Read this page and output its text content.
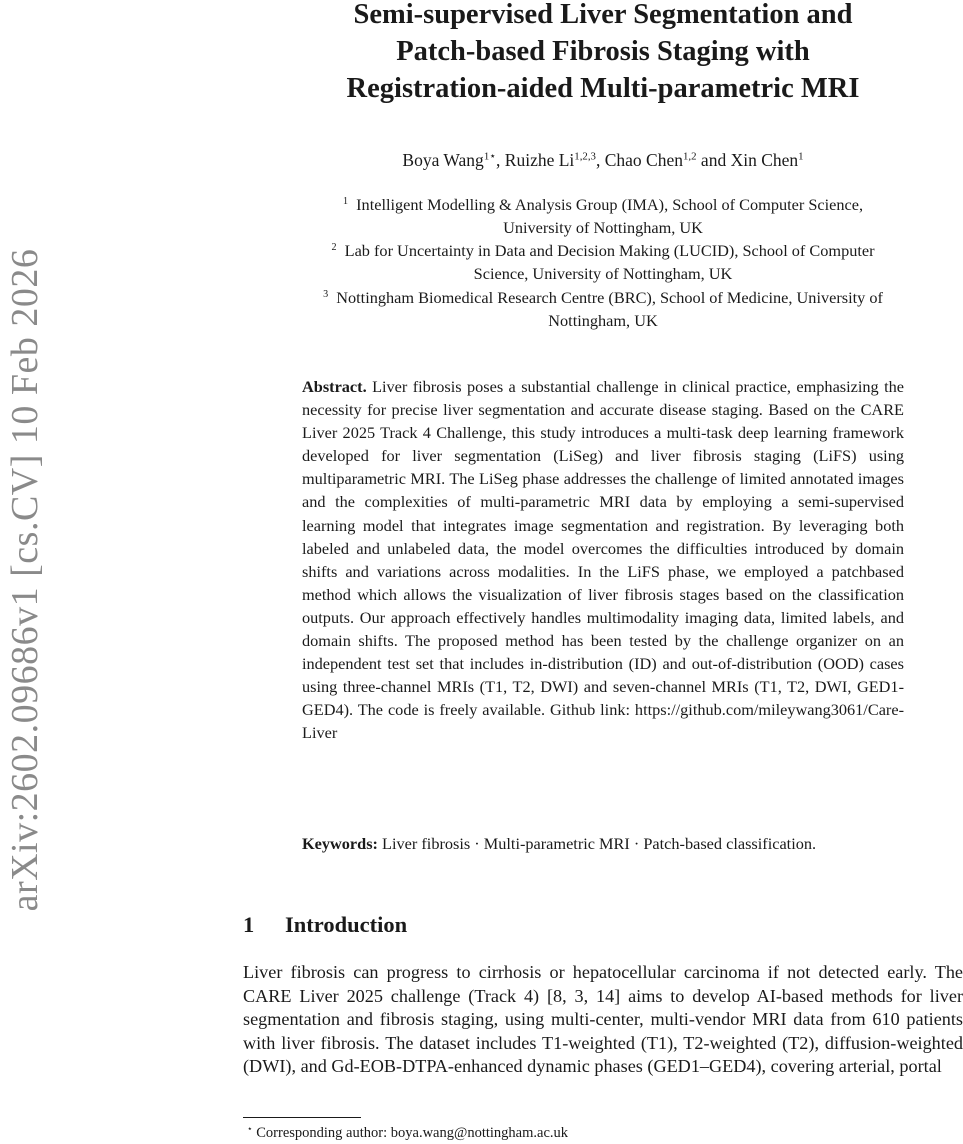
arXiv:2602.09686v1 [cs.CV] 10 Feb 2026
Semi-supervised Liver Segmentation and
Patch-based Fibrosis Staging with
Registration-aided Multi-parametric MRI
Boya Wang$^{1⋆}$, Ruizhe Li$^{1,2,3}$, Chao Chen$^{1,2}$ and Xin Chen$^1$
$^1$ Intelligent Modelling & Analysis Group (IMA), School of Computer Science,
University of Nottingham, UK
$^2$ Lab for Uncertainty in Data and Decision Making (LUCID), School of Computer
Science, University of Nottingham, UK
$^3$ Nottingham Biomedical Research Centre (BRC), School of Medicine, University of
Nottingham, UK
Abstract. Liver fibrosis poses a substantial challenge in clinical practice, emphasizing the necessity for precise liver segmentation and accurate disease staging. Based on the CARE Liver 2025 Track 4 Challenge, this study introduces a multi-task deep learning framework developed for liver segmentation (LiSeg) and liver fibrosis staging (LiFS) using multiparametric MRI. The LiSeg phase addresses the challenge of limited annotated images and the complexities of multi-parametric MRI data by employing a semi-supervised learning model that integrates image segmentation and registration. By leveraging both labeled and unlabeled data, the model overcomes the difficulties introduced by domain shifts and variations across modalities. In the LiFS phase, we employed a patchbased method which allows the visualization of liver fibrosis stages based on the classification outputs. Our approach effectively handles multimodality imaging data, limited labels, and domain shifts. The proposed method has been tested by the challenge organizer on an independent test set that includes in-distribution (ID) and out-of-distribution (OOD) cases using three-channel MRIs (T1, T2, DWI) and seven-channel MRIs (T1, T2, DWI, GED1-GED4). The code is freely available. Github link: https://github.com/mileywang3061/Care-Liver
Keywords: Liver fibrosis · Multi-parametric MRI · Patch-based classification.
1 Introduction
Liver fibrosis can progress to cirrhosis or hepatocellular carcinoma if not detected early. The CARE Liver 2025 challenge (Track 4) [8, 3, 14] aims to develop AI-based methods for liver segmentation and fibrosis staging, using multi-center, multi-vendor MRI data from 610 patients with liver fibrosis. The dataset includes T1-weighted (T1), T2-weighted (T2), diffusion-weighted (DWI), and Gd-EOB-DTPA-enhanced dynamic phases (GED1–GED4), covering arterial, portal
⋆ Corresponding author: boya.wang@nottingham.ac.uk
